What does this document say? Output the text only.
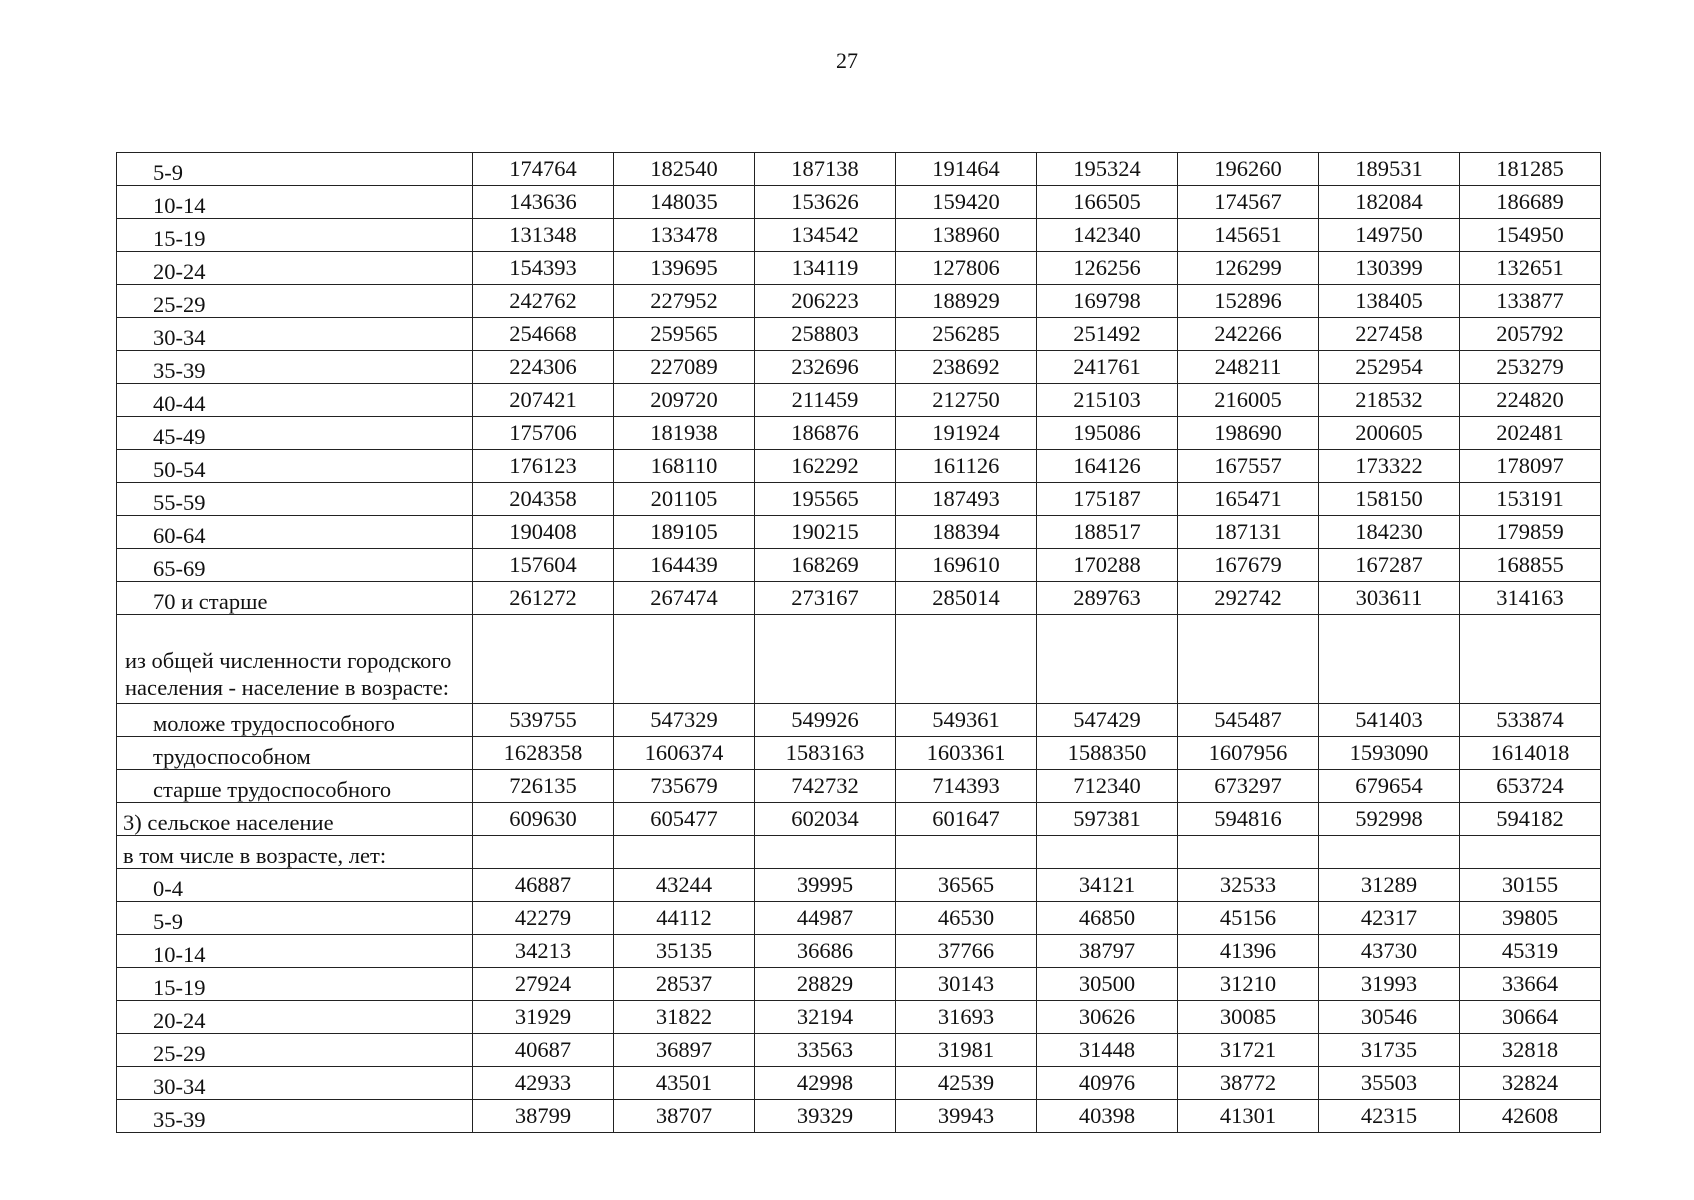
27
5-9	174764	182540	187138	191464	195324	196260	189531	181285
10-14	143636	148035	153626	159420	166505	174567	182084	186689
15-19	131348	133478	134542	138960	142340	145651	149750	154950
20-24	154393	139695	134119	127806	126256	126299	130399	132651
25-29	242762	227952	206223	188929	169798	152896	138405	133877
30-34	254668	259565	258803	256285	251492	242266	227458	205792
35-39	224306	227089	232696	238692	241761	248211	252954	253279
40-44	207421	209720	211459	212750	215103	216005	218532	224820
45-49	175706	181938	186876	191924	195086	198690	200605	202481
50-54	176123	168110	162292	161126	164126	167557	173322	178097
55-59	204358	201105	195565	187493	175187	165471	158150	153191
60-64	190408	189105	190215	188394	188517	187131	184230	179859
65-69	157604	164439	168269	169610	170288	167679	167287	168855
70 и старше	261272	267474	273167	285014	289763	292742	303611	314163
из общей численности городского населения - население в возрасте:								
моложе трудоспособного	539755	547329	549926	549361	547429	545487	541403	533874
трудоспособном	1628358	1606374	1583163	1603361	1588350	1607956	1593090	1614018
старше трудоспособного	726135	735679	742732	714393	712340	673297	679654	653724
3) сельское население	609630	605477	602034	601647	597381	594816	592998	594182
в том числе в возрасте, лет:								
0-4	46887	43244	39995	36565	34121	32533	31289	30155
5-9	42279	44112	44987	46530	46850	45156	42317	39805
10-14	34213	35135	36686	37766	38797	41396	43730	45319
15-19	27924	28537	28829	30143	30500	31210	31993	33664
20-24	31929	31822	32194	31693	30626	30085	30546	30664
25-29	40687	36897	33563	31981	31448	31721	31735	32818
30-34	42933	43501	42998	42539	40976	38772	35503	32824
35-39	38799	38707	39329	39943	40398	41301	42315	42608
